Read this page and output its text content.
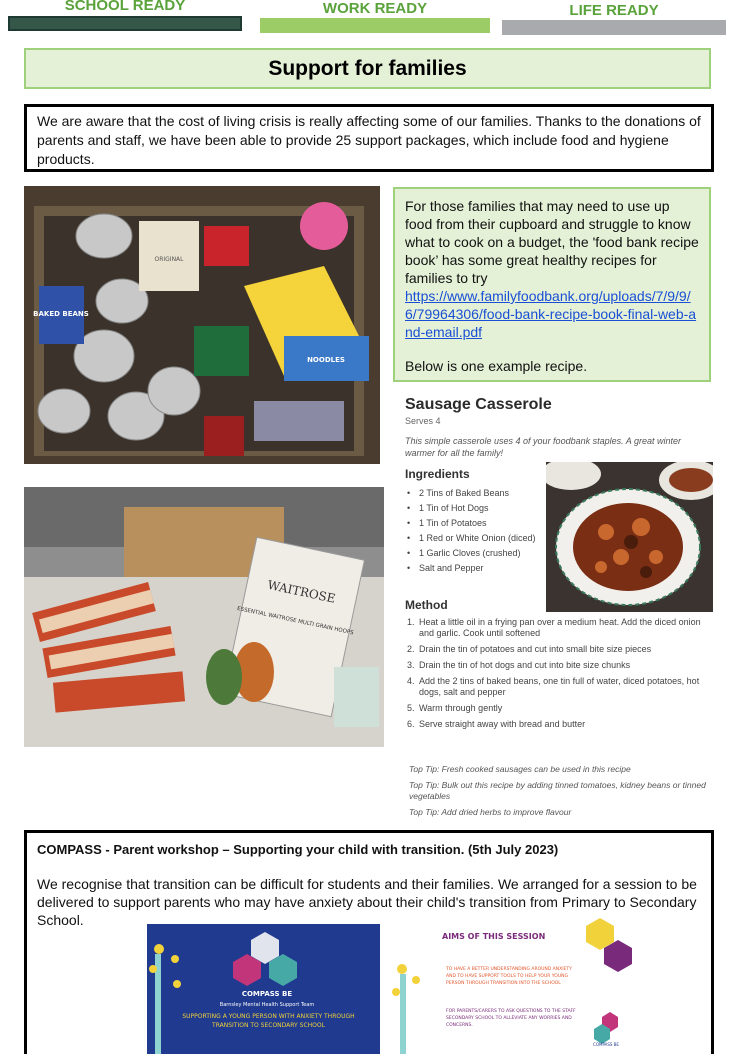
SCHOOL READY	WORK READY	LIFE READY
Support for families
We are aware that the cost of living crisis is really affecting some of our families. Thanks to the donations of parents and staff, we have been able to provide 25 support packages, which include food and hygiene products.
BAKED BEANS
ORIGINAL
NOODLES
WAITROSE
ESSENTIAL WAITROSE MULTI GRAIN HOOPS

For those families that may need to use up food from their cupboard and struggle to know what to cook on a budget, the 'food bank recipe book’ has some great healthy recipes for families to try

https://www.familyfoodbank.org/uploads/7/9/9/6/79964306/food-bank-recipe-book-final-web-and-email.pdf

Below is one example recipe.

Sausage Casserole
Serves 4
This simple casserole uses 4 of your foodbank staples. A great winter warmer for all the family!
Ingredients
• 2 Tins of Baked Beans
• 1 Tin of Hot Dogs
• 1 Tin of Potatoes
• 1 Red or White Onion (diced)
• 1 Garlic Cloves (crushed)
• Salt and Pepper
Method
1. Heat a little oil in a frying pan over a medium heat. Add the diced onion and garlic. Cook until softened
2. Drain the tin of potatoes and cut into small bite size pieces
3. Drain the tin of hot dogs and cut into bite size chunks
4. Add the 2 tins of baked beans, one tin full of water, diced potatoes, hot dogs, salt and pepper
5. Warm through gently
6. Serve straight away with bread and butter

Top Tip: Fresh cooked sausages can be used in this recipe

Top Tip: Bulk out this recipe by adding tinned tomatoes, kidney beans or tinned vegetables

Top Tip: Add dried herbs to improve flavour

COMPASS - Parent workshop – Supporting your child with transition. (5th July 2023)
We recognise that transition can be difficult for students and their families. We arranged for a session to be delivered to support parents who may have anxiety about their child's transition from Primary to Secondary School.
COMPASS BE
Barnsley Mental Health Support Team
SUPPORTING A YOUNG PERSON WITH ANXIETY THROUGH TRANSITION TO SECONDARY SCHOOL
AIMS OF THIS SESSION
TO HAVE A BETTER UNDERSTANDING AROUND ANXIETY AND TO HAVE SUPPORT TOOLS TO HELP YOUR YOUNG PERSON THROUGH TRANSITION INTO THE SCHOOL
FOR PARENTS/CARERS TO ASK QUESTIONS TO THE STAFF SECONDARY SCHOOL TO ALLEVIATE ANY WORRIES AND CONCERNS.
COMPASS BE
